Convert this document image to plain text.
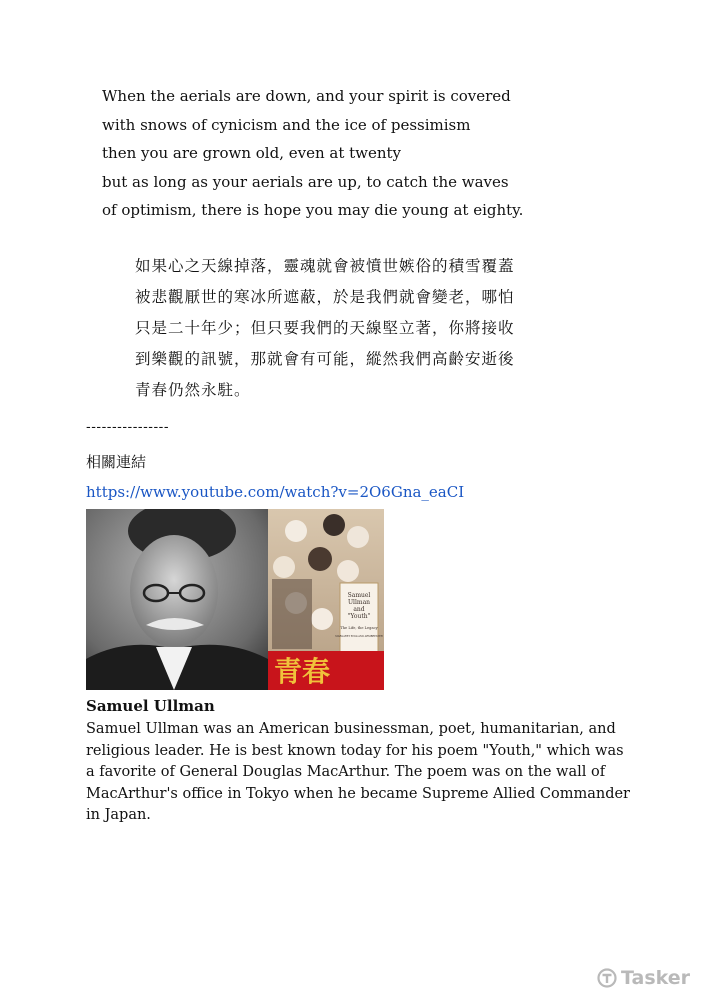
When the aerials are down, and your spirit is covered
with snows of cynicism and the ice of pessimism
then you are grown old, even at twenty
but as long as your aerials are up, to catch the waves
of optimism, there is hope you may die young at eighty.
如果心之天線掉落，靈魂就會被憤世嫉俗的積雪覆蓋
被悲觀厭世的寒冰所遮蔽，於是我們就會變老，哪怕
只是二十年少；但只要我們的天線堅立著，你將接收
到樂觀的訊號，那就會有可能，縱然我們高齡安逝後
青春仍然永駐。
----------------
相關連結
https://www.youtube.com/watch?v=2O6Gna_eaCI
Samuel
Ullman
and
"Youth"
The Life, the Legacy
MARGARET ENGLAND ARMBRESTER
青春
Samuel Ullman
Samuel Ullman was an American businessman, poet, humanitarian, and
religious leader. He is best known today for his poem "Youth," which was
a favorite of General Douglas MacArthur. The poem was on the wall of
MacArthur's office in Tokyo when he became Supreme Allied Commander
in Japan.
Tasker
